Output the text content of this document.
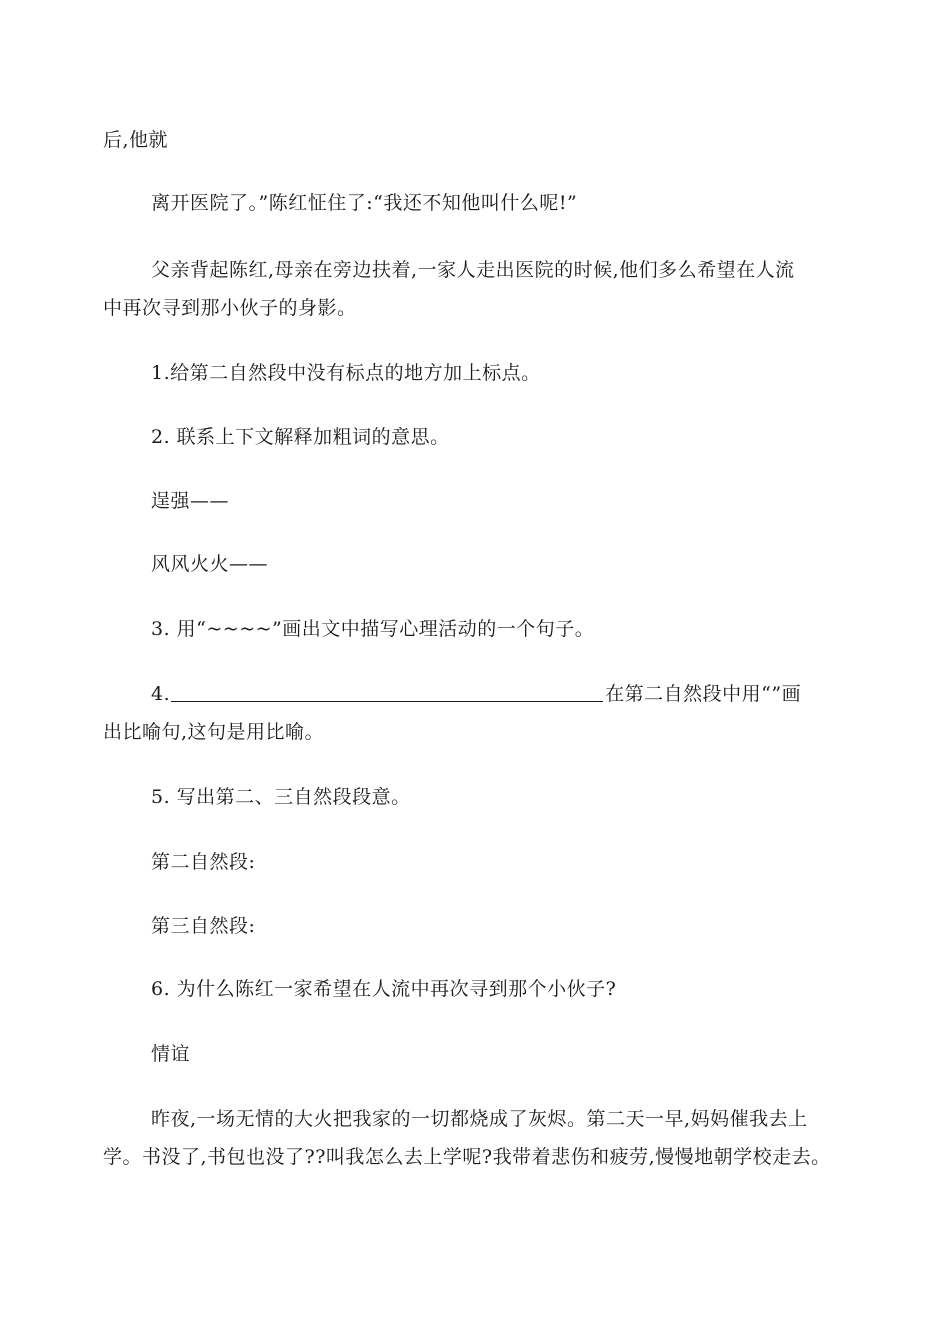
后,他就
离开医院了。”陈红怔住了:“我还不知他叫什么呢!”
父亲背起陈红,母亲在旁边扶着,一家人走出医院的时候,他们多么希望在人流
中再次寻到那小伙子的身影。
1.给第二自然段中没有标点的地方加上标点。
2. 联系上下文解释加粗词的意思。
逞强——
风风火火——
3. 用“~~~~”画出文中描写心理活动的一个句子。
4.	在第二自然段中用“”画
出比喻句,这句是用比喻。
5. 写出第二、三自然段段意。
第二自然段:
第三自然段:
6. 为什么陈红一家希望在人流中再次寻到那个小伙子?
情谊
昨夜,一场无情的大火把我家的一切都烧成了灰烬。第二天一早,妈妈催我去上
学。书没了,书包也没了??叫我怎么去上学呢?我带着悲伤和疲劳,慢慢地朝学校走去。
